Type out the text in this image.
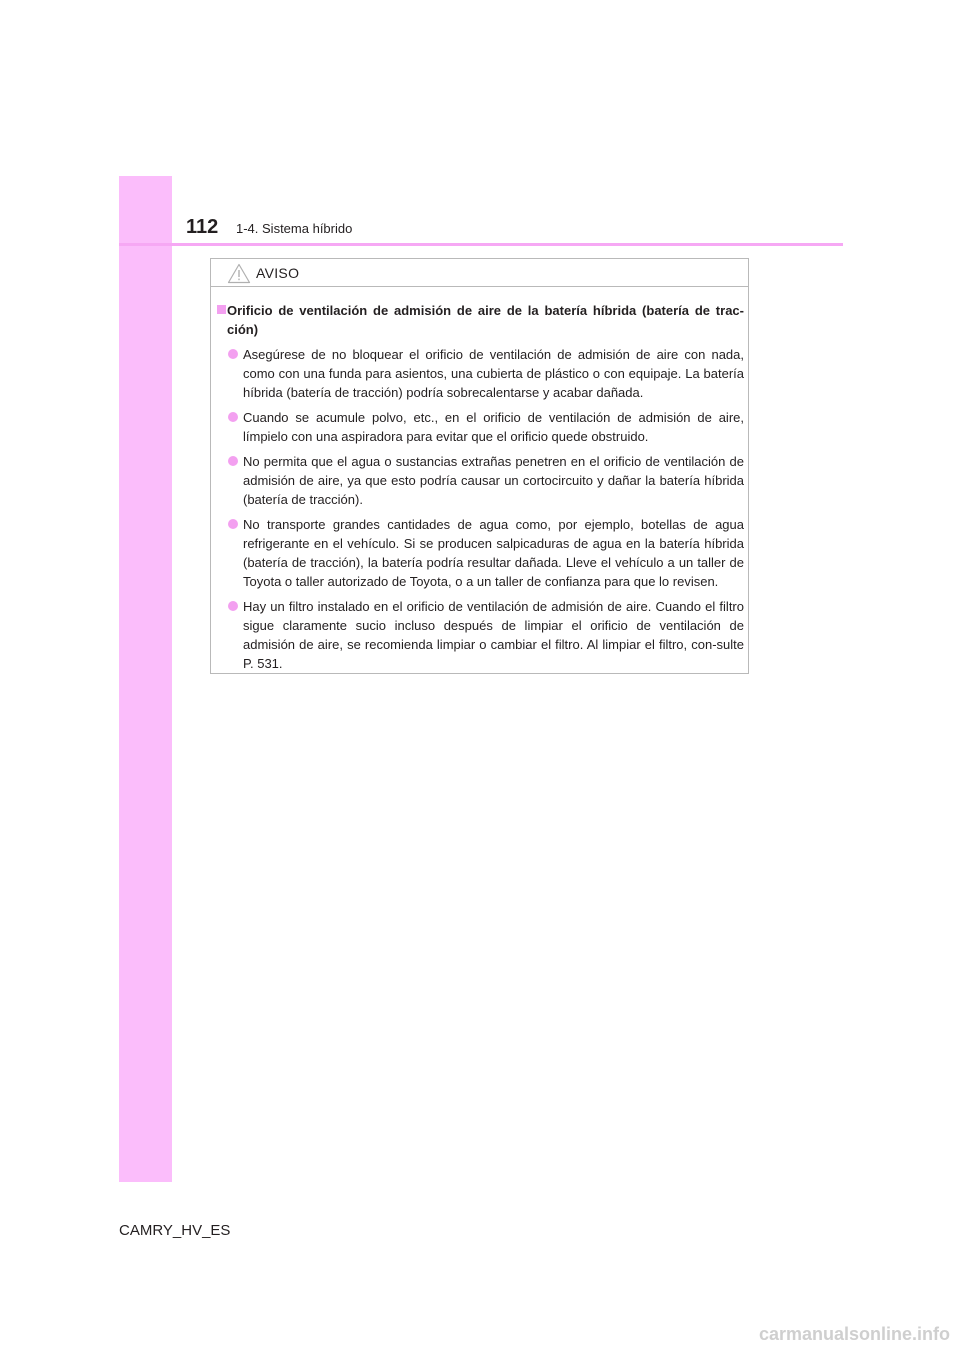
112 1-4. Sistema híbrido
AVISO
Orificio de ventilación de admisión de aire de la batería híbrida (batería de trac-ción)
Asegúrese de no bloquear el orificio de ventilación de admisión de aire con nada, como con una funda para asientos, una cubierta de plástico o con equipaje. La batería híbrida (batería de tracción) podría sobrecalentarse y acabar dañada.
Cuando se acumule polvo, etc., en el orificio de ventilación de admisión de aire, límpielo con una aspiradora para evitar que el orificio quede obstruido.
No permita que el agua o sustancias extrañas penetren en el orificio de ventilación de admisión de aire, ya que esto podría causar un cortocircuito y dañar la batería híbrida (batería de tracción).
No transporte grandes cantidades de agua como, por ejemplo, botellas de agua refrigerante en el vehículo. Si se producen salpicaduras de agua en la batería híbrida (batería de tracción), la batería podría resultar dañada. Lleve el vehículo a un taller de Toyota o taller autorizado de Toyota, o a un taller de confianza para que lo revisen.
Hay un filtro instalado en el orificio de ventilación de admisión de aire. Cuando el filtro sigue claramente sucio incluso después de limpiar el orificio de ventilación de admisión de aire, se recomienda limpiar o cambiar el filtro. Al limpiar el filtro, con-sulte P. 531.
CAMRY_HV_ES
carmanualsonline.info
